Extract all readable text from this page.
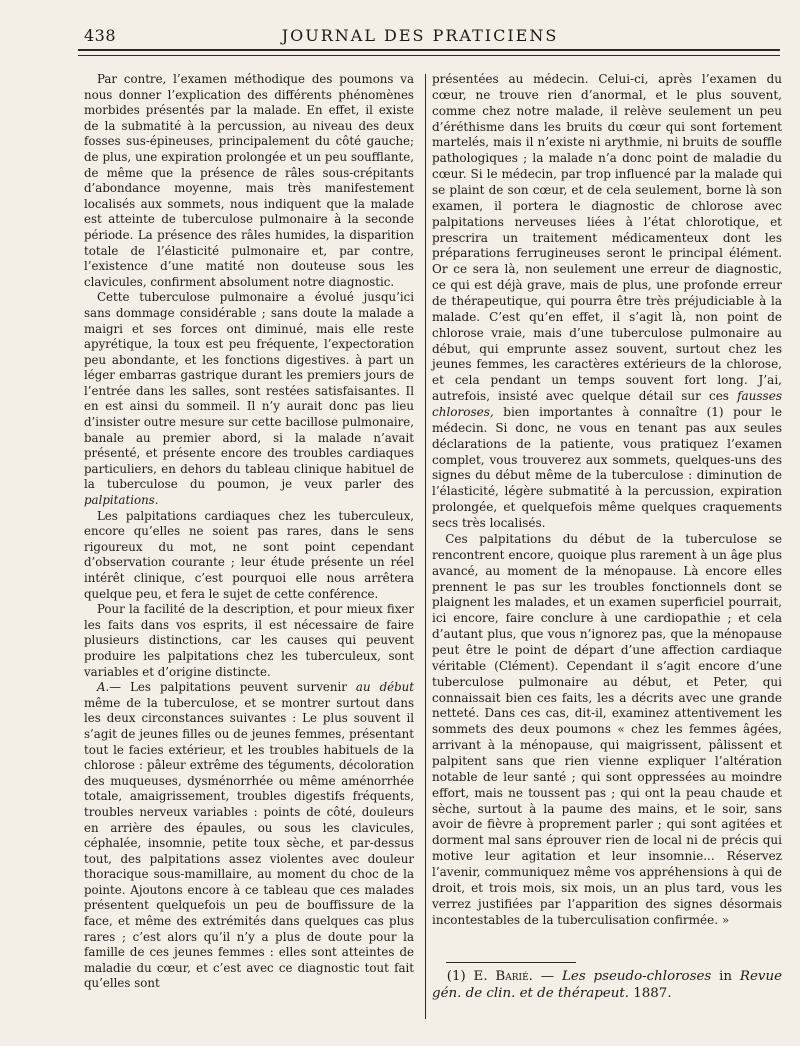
438	JOURNAL DES PRATICIENS

Par contre, l’examen méthodique des poumons va nous donner l’explication des différents phénomènes morbides présentés par la malade. En effet, il existe de la submatité à la percussion, au niveau des deux fosses sus-épineuses, principalement du côté gauche; de plus, une expiration prolongée et un peu soufflante, de même que la présence de râles sous-crépitants d’abondance moyenne, mais très manifestement localisés aux sommets, nous indiquent que la malade est atteinte de tuberculose pulmonaire à la seconde période. La présence des râles humides, la disparition totale de l’élasticité pulmonaire et, par contre, l’existence d’une matité non douteuse sous les clavicules, confirment absolument notre diagnostic.

Cette tuberculose pulmonaire a évolué jusqu’ici sans dommage considérable ; sans doute la malade a maigri et ses forces ont diminué, mais elle reste apyrétique, la toux est peu fréquente, l’expectoration peu abondante, et les fonctions digestives. à part un léger embarras gastrique durant les premiers jours de l’entrée dans les salles, sont restées satisfaisantes. Il en est ainsi du sommeil. Il n’y aurait donc pas lieu d’insister outre mesure sur cette bacillose pulmonaire, banale au premier abord, si la malade n’avait présenté, et présente encore des troubles cardiaques particuliers, en dehors du tableau clinique habituel de la tuberculose du poumon, je veux parler des palpitations.

Les palpitations cardiaques chez les tuberculeux, encore qu’elles ne soient pas rares, dans le sens rigoureux du mot, ne sont point cependant d’observation courante ; leur étude présente un réel intérêt clinique, c’est pourquoi elle nous arrêtera quelque peu, et fera le sujet de cette conférence.

Pour la facilité de la description, et pour mieux fixer les faits dans vos esprits, il est nécessaire de faire plusieurs distinctions, car les causes qui peuvent produire les palpitations chez les tuberculeux, sont variables et d’origine distincte.

A.— Les palpitations peuvent survenir au début même de la tuberculose, et se montrer surtout dans les deux circonstances suivantes : Le plus souvent il s’agit de jeunes filles ou de jeunes femmes, présentant tout le facies extérieur, et les troubles habituels de la chlorose : pâleur extrême des téguments, décoloration des muqueuses, dysménorrhée ou même aménorrhée totale, amaigrissement, troubles digestifs fréquents, troubles nerveux variables : points de côté, douleurs en arrière des épaules, ou sous les clavicules, céphalée, insomnie, petite toux sèche, et par-dessus tout, des palpitations assez violentes avec douleur thoracique sous-mamillaire, au moment du choc de la pointe. Ajoutons encore à ce tableau que ces malades présentent quelquefois un peu de bouffissure de la face, et même des extrémités dans quelques cas plus rares ; c’est alors qu’il n’y a plus de doute pour la famille de ces jeunes femmes : elles sont atteintes de maladie du cœur, et c’est avec ce diagnostic tout fait qu’elles sont

présentées au médecin. Celui-ci, après l’examen du cœur, ne trouve rien d’anormal, et le plus souvent, comme chez notre malade, il relève seulement un peu d’éréthisme dans les bruits du cœur qui sont fortement martelés, mais il n’existe ni arythmie, ni bruits de souffle pathologiques ; la malade n’a donc point de maladie du cœur. Si le médecin, par trop influencé par la malade qui se plaint de son cœur, et de cela seulement, borne là son examen, il portera le diagnostic de chlorose avec palpitations nerveuses liées à l’état chlorotique, et prescrira un traitement médicamenteux dont les préparations ferrugineuses seront le principal élément. Or ce sera là, non seulement une erreur de diagnostic, ce qui est déjà grave, mais de plus, une profonde erreur de thérapeutique, qui pourra être très préjudiciable à la malade. C’est qu’en effet, il s’agit là, non point de chlorose vraie, mais d’une tuberculose pulmonaire au début, qui emprunte assez souvent, surtout chez les jeunes femmes, les caractères extérieurs de la chlorose, et cela pendant un temps souvent fort long. J’ai, autrefois, insisté avec quelque détail sur ces fausses chloroses, bien importantes à connaître (1) pour le médecin. Si donc, ne vous en tenant pas aux seules déclarations de la patiente, vous pratiquez l’examen complet, vous trouverez aux sommets, quelques-uns des signes du début même de la tuberculose : diminution de l’élasticité, légère submatité à la percussion, expiration prolongée, et quelquefois même quelques craquements secs très localisés.

Ces palpitations du début de la tuberculose se rencontrent encore, quoique plus rarement à un âge plus avancé, au moment de la ménopause. Là encore elles prennent le pas sur les troubles fonctionnels dont se plaignent les malades, et un examen superficiel pourrait, ici encore, faire conclure à une cardiopathie ; et cela d’autant plus, que vous n’ignorez pas, que la ménopause peut être le point de départ d’une affection cardiaque véritable (Clément). Cependant il s’agit encore d’une tuberculose pulmonaire au début, et Peter, qui connaissait bien ces faits, les a décrits avec une grande netteté. Dans ces cas, dit-il, examinez attentivement les sommets des deux poumons « chez les femmes âgées, arrivant à la ménopause, qui maigrissent, pâlissent et palpitent sans que rien vienne expliquer l’altération notable de leur santé ; qui sont oppressées au moindre effort, mais ne toussent pas ; qui ont la peau chaude et sèche, surtout à la paume des mains, et le soir, sans avoir de fièvre à proprement parler ; qui sont agitées et dorment mal sans éprouver rien de local ni de précis qui motive leur agitation et leur insomnie... Réservez l’avenir, communiquez même vos appréhensions à qui de droit, et trois mois, six mois, un an plus tard, vous les verrez justifiées par l’apparition des signes désormais incontestables de la tuberculisation confirmée. »

(1) E. Barié. — Les pseudo-chloroses in Revue gén. de clin. et de thérapeut. 1887.
